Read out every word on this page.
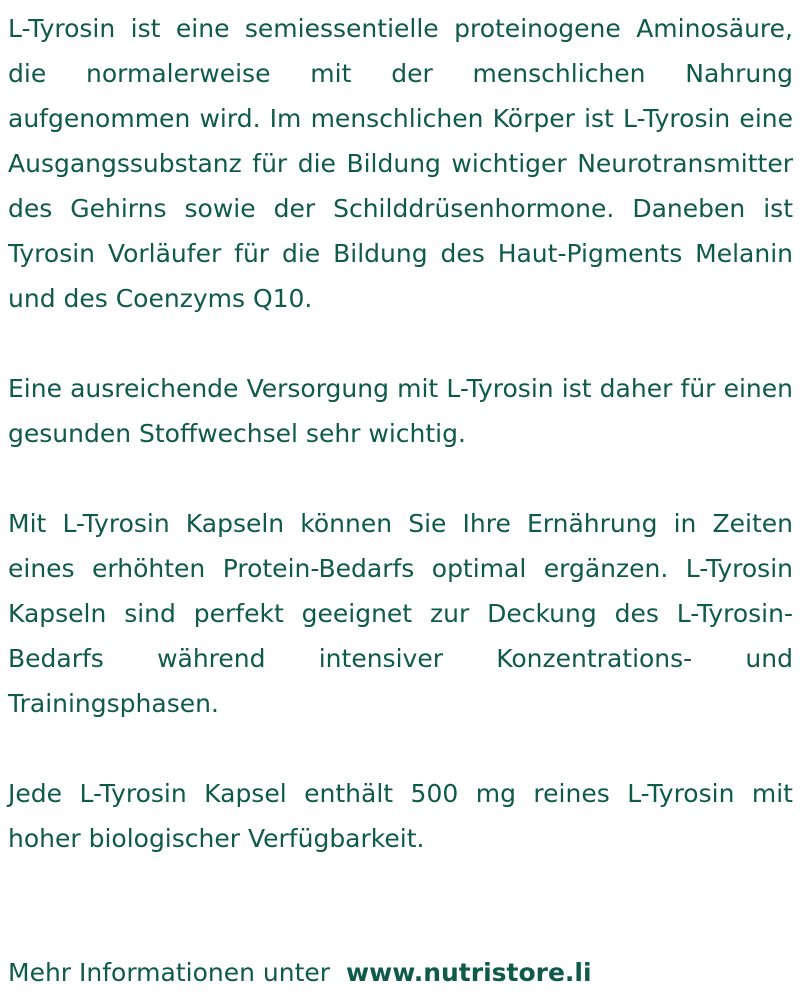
L-Tyrosin ist eine semiessentielle proteinogene Aminosäure, die normalerweise mit der menschlichen Nahrung aufgenommen wird. Im menschlichen Körper ist L-Tyrosin eine Ausgangssubstanz für die Bildung wichtiger Neurotransmitter des Gehirns sowie der Schilddrüsenhormone. Daneben ist Tyrosin Vorläufer für die Bildung des Haut-Pigments Melanin und des Coenzyms Q10.

Eine ausreichende Versorgung mit L-Tyrosin ist daher für einen gesunden Stoffwechsel sehr wichtig.

Mit L-Tyrosin Kapseln können Sie Ihre Ernährung in Zeiten eines erhöhten Protein-Bedarfs optimal ergänzen. L-Tyrosin Kapseln sind perfekt geeignet zur Deckung des L-Tyrosin-Bedarfs während intensiver Konzentrations- und Trainingsphasen.

Jede L-Tyrosin Kapsel enthält 500 mg reines L-Tyrosin mit hoher biologischer Verfügbarkeit.

Mehr Informationen unter www.nutristore.li
